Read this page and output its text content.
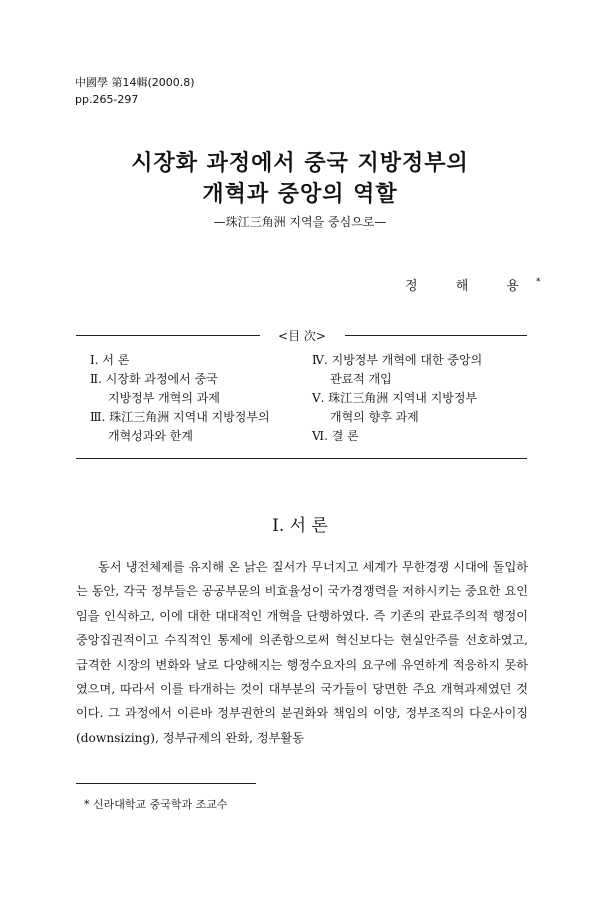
中國學 第14輯(2000.8)
pp.265-297
시장화 과정에서 중국 지방정부의
개혁과 중앙의 역할
—珠江三角洲 지역을 중심으로—
정 해 용*
<目 次>
Ⅰ. 서 론
Ⅱ. 시장화 과정에서 중국
지방정부 개혁의 과제
Ⅲ. 珠江三角洲 지역내 지방정부의
개혁성과와 한계
Ⅳ. 지방정부 개혁에 대한 중앙의
관료적 개입
Ⅴ. 珠江三角洲 지역내 지방정부
개혁의 향후 과제
Ⅵ. 결 론
Ⅰ. 서 론

동서 냉전체제를 유지해 온 낡은 질서가 무너지고 세계가 무한경쟁 시대에 돌입하는 동안, 각국 정부들은 공공부문의 비효율성이 국가경쟁력을 저하시키는 중요한 요인임을 인식하고, 이에 대한 대대적인 개혁을 단행하였다. 즉 기존의 관료주의적 행정이 중앙집권적이고 수직적인 통제에 의존함으로써 혁신보다는 현실안주를 선호하였고, 급격한 시장의 변화와 날로 다양해지는 행정수요자의 요구에 유연하게 적응하지 못하였으며, 따라서 이를 타개하는 것이 대부분의 국가들이 당면한 주요 개혁과제였던 것이다. 그 과정에서 이른바 정부권한의 분권화와 책임의 이양, 정부조직의 다운사이징(downsizing), 정부규제의 완화, 정부활동

* 신라대학교 중국학과 조교수
